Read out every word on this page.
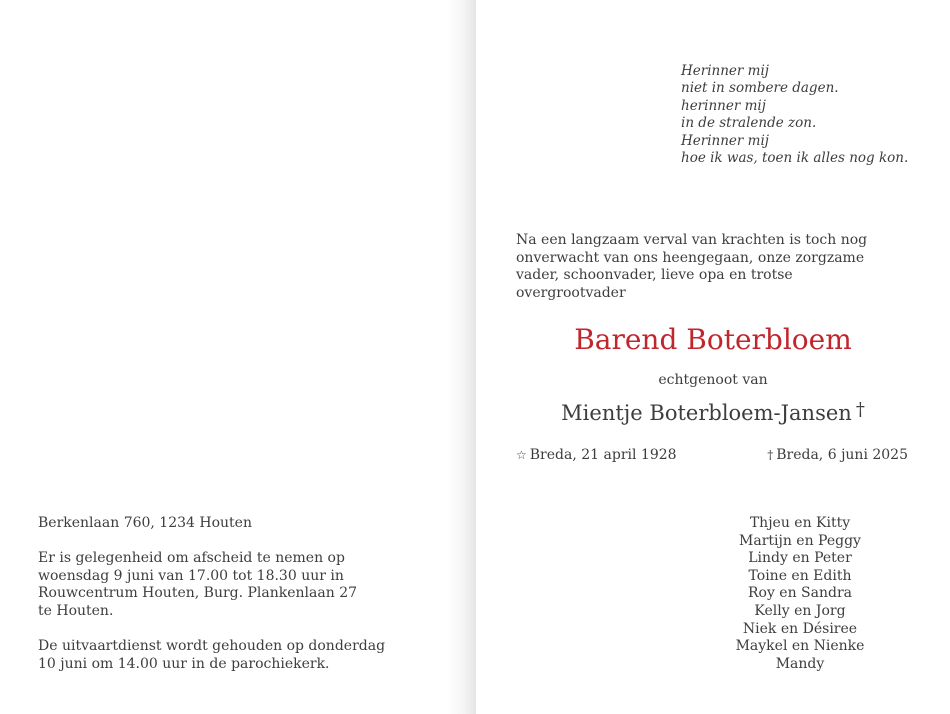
Herinner mij
niet in sombere dagen.
herinner mij
in de stralende zon.
Herinner mij
hoe ik was, toen ik alles nog kon.
Na een langzaam verval van krachten is toch nog
onverwacht van ons heengegaan, onze zorgzame
vader, schoonvader, lieve opa en trotse
overgrootvader
Barend Boterbloem
echtgenoot van
Mientje Boterbloem-Jansen †
☆ Breda, 21 april 1928	† Breda, 6 juni 2025
Thjeu en Kitty
Martijn en Peggy
Lindy en Peter
Toine en Edith
Roy en Sandra
Kelly en Jorg
Niek en Désiree
Maykel en Nienke
Mandy
Berkenlaan 760, 1234 Houten
Er is gelegenheid om afscheid te nemen op
woensdag 9 juni van 17.00 tot 18.30 uur in
Rouwcentrum Houten, Burg. Plankenlaan 27
te Houten.
De uitvaartdienst wordt gehouden op donderdag
10 juni om 14.00 uur in de parochiekerk.
